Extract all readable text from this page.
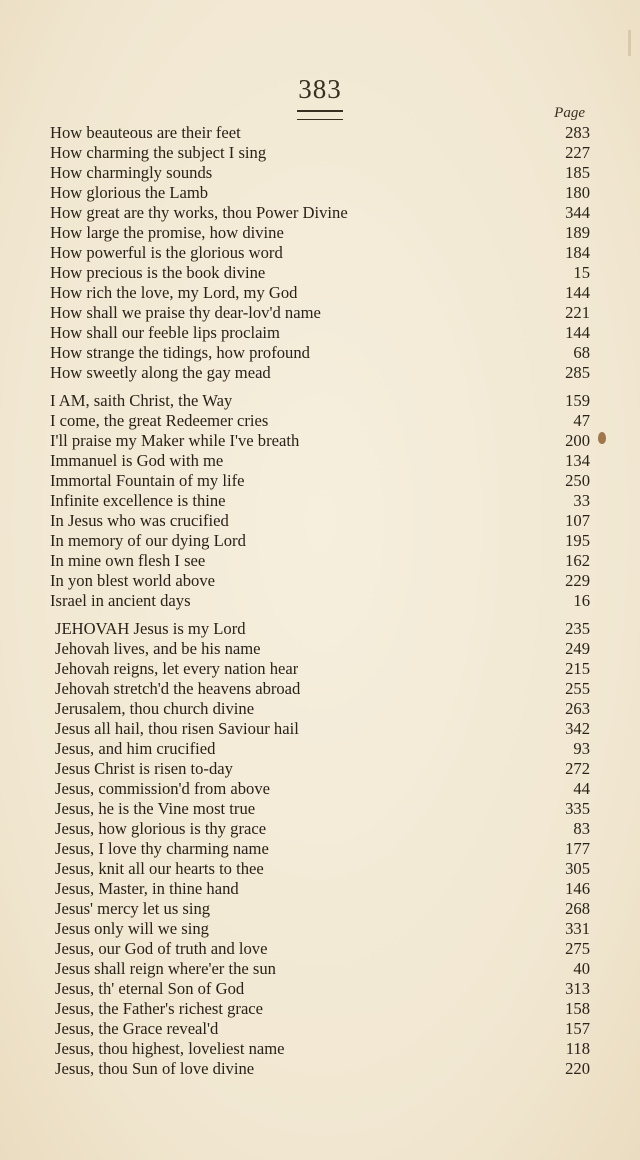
383
Page
How beauteous are their feet	283
How charming the subject I sing	227
How charmingly sounds	185
How glorious the Lamb	180
How great are thy works, thou Power Divine	344
How large the promise, how divine	189
How powerful is the glorious word	184
How precious is the book divine	15
How rich the love, my Lord, my God	144
How shall we praise thy dear-lov'd name	221
How shall our feeble lips proclaim	144
How strange the tidings, how profound	68
How sweetly along the gay mead	285
I AM, saith Christ, the Way	159
I come, the great Redeemer cries	47
I'll praise my Maker while I've breath	200
Immanuel is God with me	134
Immortal Fountain of my life	250
Infinite excellence is thine	33
In Jesus who was crucified	107
In memory of our dying Lord	195
In mine own flesh I see	162
In yon blest world above	229
Israel in ancient days	16
JEHOVAH Jesus is my Lord	235
Jehovah lives, and be his name	249
Jehovah reigns, let every nation hear	215
Jehovah stretch'd the heavens abroad	255
Jerusalem, thou church divine	263
Jesus all hail, thou risen Saviour hail	342
Jesus, and him crucified	93
Jesus Christ is risen to-day	272
Jesus, commission'd from above	44
Jesus, he is the Vine most true	335
Jesus, how glorious is thy grace	83
Jesus, I love thy charming name	177
Jesus, knit all our hearts to thee	305
Jesus, Master, in thine hand	146
Jesus' mercy let us sing	268
Jesus only will we sing	331
Jesus, our God of truth and love	275
Jesus shall reign where'er the sun	40
Jesus, th' eternal Son of God	313
Jesus, the Father's richest grace	158
Jesus, the Grace reveal'd	157
Jesus, thou highest, loveliest name	118
Jesus, thou Sun of love divine	220
